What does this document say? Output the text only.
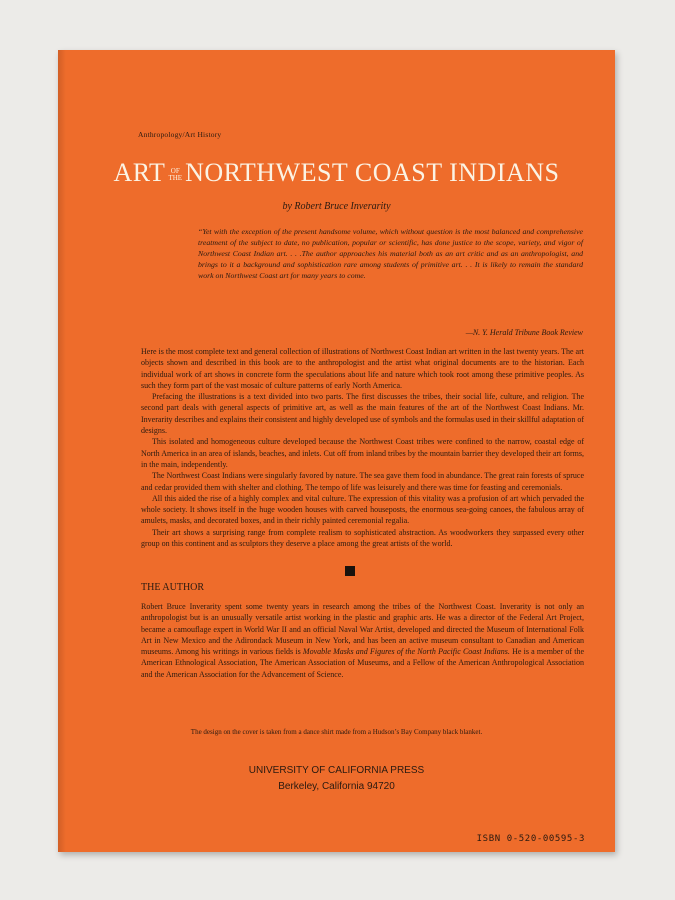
Anthropology/Art History
ART OF
THE NORTHWEST COAST INDIANS
by Robert Bruce Inverarity

“Yet with the exception of the present handsome volume, which without question is the most balanced and comprehensive treatment of the subject to date, no publication, popular or scientific, has done justice to the scope, variety, and vigor of Northwest Coast Indian art. . . .The author approaches his material both as an art critic and as an anthropologist, and brings to it a background and sophistication rare among students of primitive art. . . It is likely to remain the standard work on Northwest Coast art for many years to come.

—N. Y. Herald Tribune Book Review

Here is the most complete text and general collection of illustrations of Northwest Coast Indian art written in the last twenty years. The art objects shown and described in this book are to the anthropologist and the artist what original documents are to the historian. Each individual work of art shows in concrete form the speculations about life and nature which took root among these primitive peoples. As such they form part of the vast mosaic of culture patterns of early North America.

Prefacing the illustrations is a text divided into two parts. The first discusses the tribes, their social life, culture, and religion. The second part deals with general aspects of primitive art, as well as the main features of the art of the Northwest Coast Indians. Mr. Inverarity describes and explains their consistent and highly developed use of symbols and the formulas used in their skillful adaptation of designs.

This isolated and homogeneous culture developed because the Northwest Coast tribes were confined to the narrow, coastal edge of North America in an area of islands, beaches, and inlets. Cut off from inland tribes by the mountain barrier they developed their art forms, in the main, independently.

The Northwest Coast Indians were singularly favored by nature. The sea gave them food in abundance. The great rain forests of spruce and cedar provided them with shelter and clothing. The tempo of life was leisurely and there was time for feasting and ceremonials.

All this aided the rise of a highly complex and vital culture. The expression of this vitality was a profusion of art which pervaded the whole society. It shows itself in the huge wooden houses with carved houseposts, the enormous sea-going canoes, the fabulous array of amulets, masks, and decorated boxes, and in their richly painted ceremonial regalia.

Their art shows a surprising range from complete realism to sophisticated abstraction. As woodworkers they surpassed every other group on this continent and as sculptors they deserve a place among the great artists of the world.

THE AUTHOR

Robert Bruce Inverarity spent some twenty years in research among the tribes of the Northwest Coast. Inverarity is not only an anthropologist but is an unusually versatile artist working in the plastic and graphic arts. He was a director of the Federal Art Project, became a camouflage expert in World War II and an official Naval War Artist, developed and directed the Museum of International Folk Art in New Mexico and the Adirondack Museum in New York, and has been an active museum consultant to Canadian and American museums. Among his writings in various fields is Movable Masks and Figures of the North Pacific Coast Indians. He is a member of the American Ethnological Association, The American Association of Museums, and a Fellow of the American Anthropological Association and the American Association for the Advancement of Science.

The design on the cover is taken from a dance shirt made from a Hudson’s Bay Company black blanket.
UNIVERSITY OF CALIFORNIA PRESS
Berkeley, California 94720
ISBN 0-520-00595-3
